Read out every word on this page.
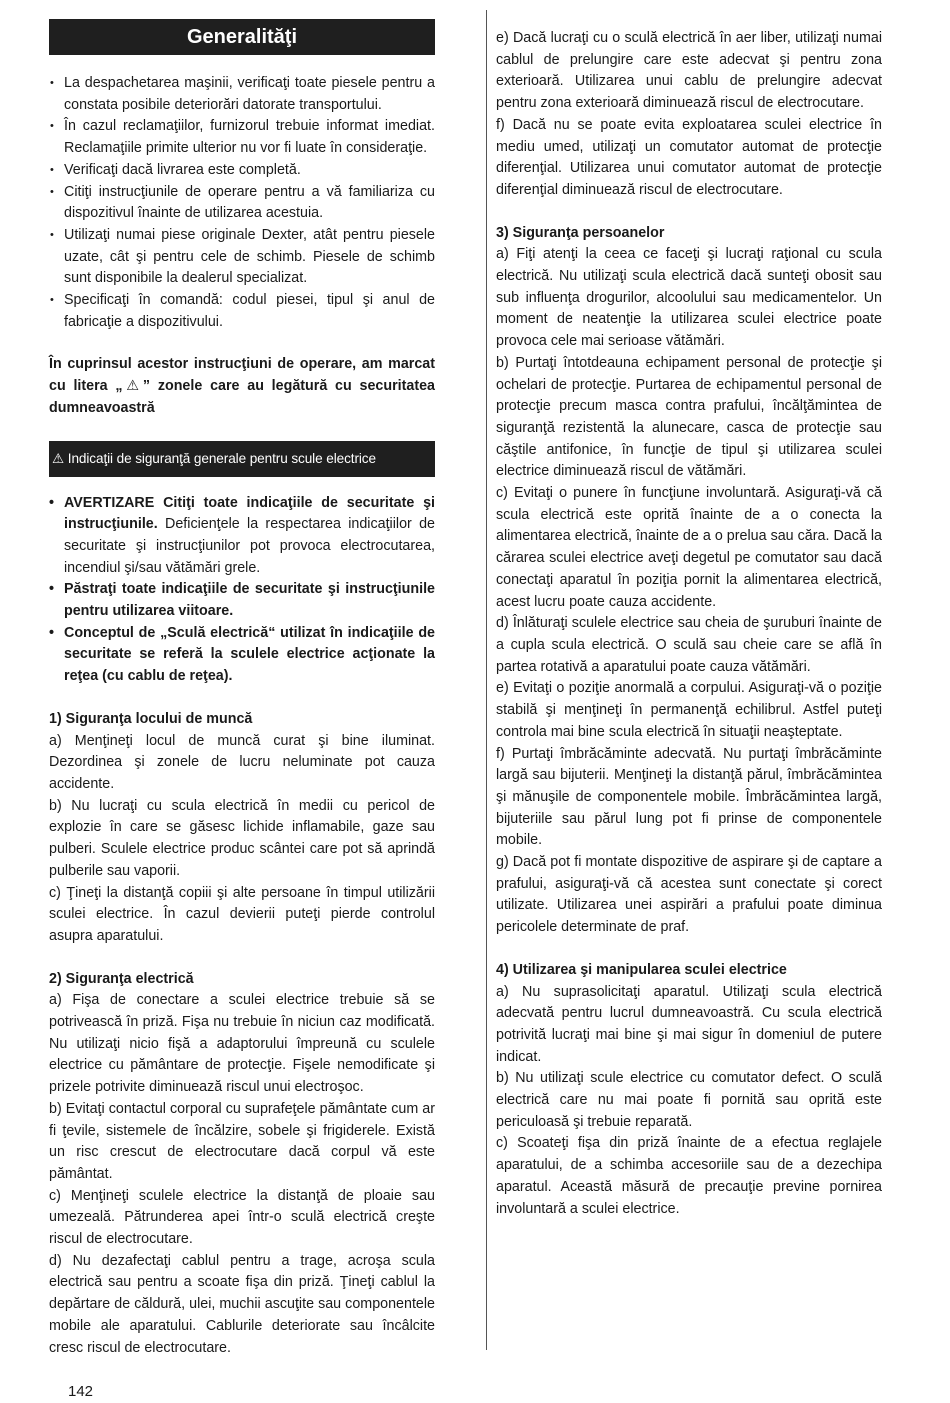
Generalităţi
• La despachetarea maşinii, verificaţi toate piesele pentru a constata posibile deteriorări datorate transportului.
• În cazul reclamaţiilor, furnizorul trebuie informat imediat. Reclamaţiile primite ulterior nu vor fi luate în consideraţie.
• Verificaţi dacă livrarea este completă.
• Citiţi instrucţiunile de operare pentru a vă familiariza cu dispozitivul înainte de utilizarea acestuia.
• Utilizaţi numai piese originale Dexter, atât pentru piesele uzate, cât şi pentru cele de schimb. Piesele de schimb sunt disponibile la dealerul specializat.
• Specificaţi în comandă: codul piesei, tipul şi anul de fabricaţie a dispozitivului.

În cuprinsul acestor instrucţiuni de operare, am marcat cu litera „⚠” zonele care au legătură cu securitatea dumneavoastră

⚠ Indicaţii de siguranţă generale pentru scule electrice
• AVERTIZARE Citiţi toate indicaţiile de securitate şi instrucţiunile. Deficienţele la respectarea indicaţiilor de securitate şi instrucţiunilor pot provoca electrocutarea, incendiul şi/sau vătămări grele.
• Păstraţi toate indicaţiile de securitate şi instrucţiunile pentru utilizarea viitoare.
• Conceptul de „Sculă electrică“ utilizat în indicaţiile de securitate se referă la sculele electrice acţionate la reţea (cu cablu de reţea).

1) Siguranţa locului de muncă

a) Menţineţi locul de muncă curat şi bine iluminat. Dezordinea şi zonele de lucru neluminate pot cauza accidente.

b) Nu lucraţi cu scula electrică în medii cu pericol de explozie în care se găsesc lichide inflamabile, gaze sau pulberi. Sculele electrice produc scântei care pot să aprindă pulberile sau vaporii.

c) Ţineţi la distanţă copiii şi alte persoane în timpul utilizării sculei electrice. În cazul devierii puteţi pierde controlul asupra aparatului.

2) Siguranţa electrică

a) Fişa de conectare a sculei electrice trebuie să se potrivească în priză. Fişa nu trebuie în niciun caz modificată. Nu utilizaţi nicio fişă a adaptorului împreună cu sculele electrice cu pământare de protecţie. Fişele nemodificate şi prizele potrivite diminuează riscul unui electroşoc.

b) Evitaţi contactul corporal cu suprafeţele pământate cum ar fi ţevile, sistemele de încălzire, sobele şi frigiderele. Există un risc crescut de electrocutare dacă corpul vă este pământat.

c) Menţineţi sculele electrice la distanţă de ploaie sau umezeală. Pătrunderea apei într-o sculă electrică creşte riscul de electrocutare.

d) Nu dezafectaţi cablul pentru a trage, acroşa scula electrică sau pentru a scoate fişa din priză. Ţineţi cablul la depărtare de căldură, ulei, muchii ascuţite sau componentele mobile ale aparatului. Cablurile deteriorate sau încâlcite cresc riscul de electrocutare.

e) Dacă lucraţi cu o sculă electrică în aer liber, utilizaţi numai cablul de prelungire care este adecvat şi pentru zona exterioară. Utilizarea unui cablu de prelungire adecvat pentru zona exterioară diminuează riscul de electrocutare.

f) Dacă nu se poate evita exploatarea sculei electrice în mediu umed, utilizaţi un comutator automat de protecţie diferenţial. Utilizarea unui comutator automat de protecţie diferenţial diminuează riscul de electrocutare.

3) Siguranţa persoanelor

a) Fiţi atenţi la ceea ce faceţi şi lucraţi raţional cu scula electrică. Nu utilizaţi scula electrică dacă sunteţi obosit sau sub influenţa drogurilor, alcoolului sau medicamentelor. Un moment de neatenţie la utilizarea sculei electrice poate provoca cele mai serioase vătămări.

b) Purtaţi întotdeauna echipament personal de protecţie şi ochelari de protecţie. Purtarea de echipamentul personal de protecţie precum masca contra prafului, încălţămintea de siguranţă rezistentă la alunecare, casca de protecţie sau căştile antifonice, în funcţie de tipul şi utilizarea sculei electrice diminuează riscul de vătămări.

c) Evitaţi o punere în funcţiune involuntară. Asiguraţi-vă că scula electrică este oprită înainte de a o conecta la alimentarea electrică, înainte de a o prelua sau căra. Dacă la cărarea sculei electrice aveţi degetul pe comutator sau dacă conectaţi aparatul în poziţia pornit la alimentarea electrică, acest lucru poate cauza accidente.

d) Înlăturaţi sculele electrice sau cheia de şuruburi înainte de a cupla scula electrică. O sculă sau cheie care se află în partea rotativă a aparatului poate cauza vătămări.

e) Evitaţi o poziţie anormală a corpului. Asiguraţi-vă o poziţie stabilă şi menţineţi în permanenţă echilibrul. Astfel puteţi controla mai bine scula electrică în situaţii neaşteptate.

f) Purtaţi îmbrăcăminte adecvată. Nu purtaţi îmbrăcăminte largă sau bijuterii. Menţineţi la distanţă părul, îmbrăcămintea şi mănuşile de componentele mobile. Îmbrăcămintea largă, bijuteriile sau părul lung pot fi prinse de componentele mobile.

g) Dacă pot fi montate dispozitive de aspirare şi de captare a prafului, asiguraţi-vă că acestea sunt conectate şi corect utilizate. Utilizarea unei aspirări a prafului poate diminua pericolele determinate de praf.

4) Utilizarea şi manipularea sculei electrice

a) Nu suprasolicitaţi aparatul. Utilizaţi scula electrică adecvată pentru lucrul dumneavoastră. Cu scula electrică potrivită lucraţi mai bine şi mai sigur în domeniul de putere indicat.

b) Nu utilizaţi scule electrice cu comutator defect. O sculă electrică care nu mai poate fi pornită sau oprită este periculoasă şi trebuie reparată.

c) Scoateţi fişa din priză înainte de a efectua reglajele aparatului, de a schimba accesoriile sau de a dezechipa aparatul. Această măsură de precauţie previne pornirea involuntară a sculei electrice.

142
